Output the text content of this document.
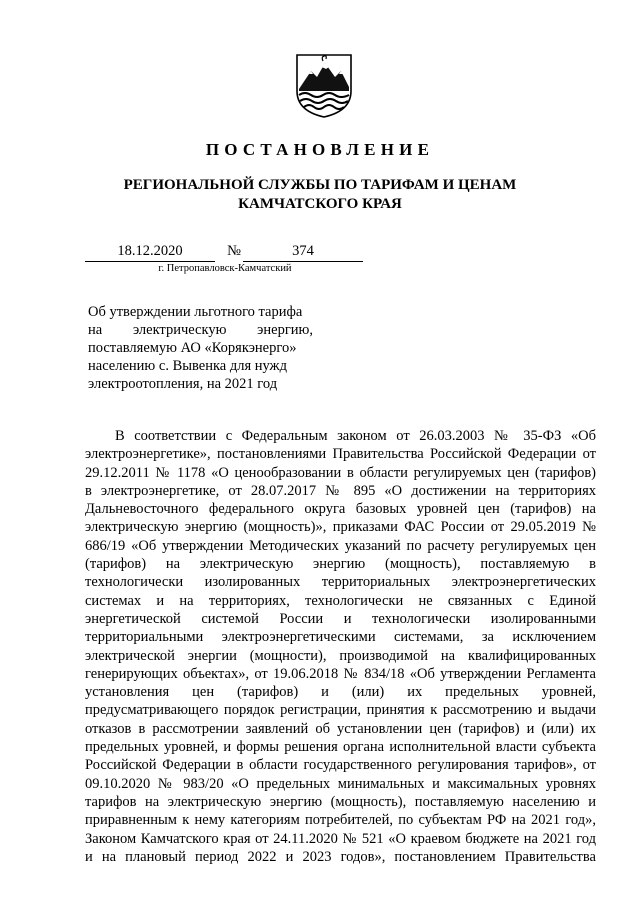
ПОСТАНОВЛЕНИЕ
РЕГИОНАЛЬНОЙ СЛУЖБЫ ПО ТАРИФАМ И ЦЕНАМ
КАМЧАТСКОГО КРАЯ
18.12.2020	№	374
г. Петропавловск-Камчатский
Об утверждении льготного тарифа
на электрическую энергию,
поставляемую АО «Корякэнерго»
населению с. Вывенка для нужд
электроотопления, на 2021 год
В соответствии с Федеральным законом от 26.03.2003 № 35-ФЗ «Об
электроэнергетике», постановлениями Правительства Российской Федерации от
29.12.2011 № 1178 «О ценообразовании в области регулируемых цен (тарифов)
в электроэнергетике, от 28.07.2017 № 895 «О достижении на территориях
Дальневосточного федерального округа базовых уровней цен (тарифов) на
электрическую энергию (мощность)», приказами ФАС России от 29.05.2019 №
686/19 «Об утверждении Методических указаний по расчету регулируемых цен
(тарифов) на электрическую энергию (мощность), поставляемую в
технологически изолированных территориальных электроэнергетических
системах и на территориях, технологически не связанных с Единой
энергетической системой России и технологически изолированными
территориальными электроэнергетическими системами, за исключением
электрической энергии (мощности), производимой на квалифицированных
генерирующих объектах», от 19.06.2018 № 834/18 «Об утверждении Регламента
установления цен (тарифов) и (или) их предельных уровней,
предусматривающего порядок регистрации, принятия к рассмотрению и выдачи
отказов в рассмотрении заявлений об установлении цен (тарифов) и (или) их
предельных уровней, и формы решения органа исполнительной власти субъекта
Российской Федерации в области государственного регулирования тарифов», от
09.10.2020 № 983/20 «О предельных минимальных и максимальных уровнях
тарифов на электрическую энергию (мощность), поставляемую населению и
приравненным к нему категориям потребителей, по субъектам РФ на 2021 год»,
Законом Камчатского края от 24.11.2020 № 521 «О краевом бюджете на 2021 год
и на плановый период 2022 и 2023 годов», постановлением Правительства
